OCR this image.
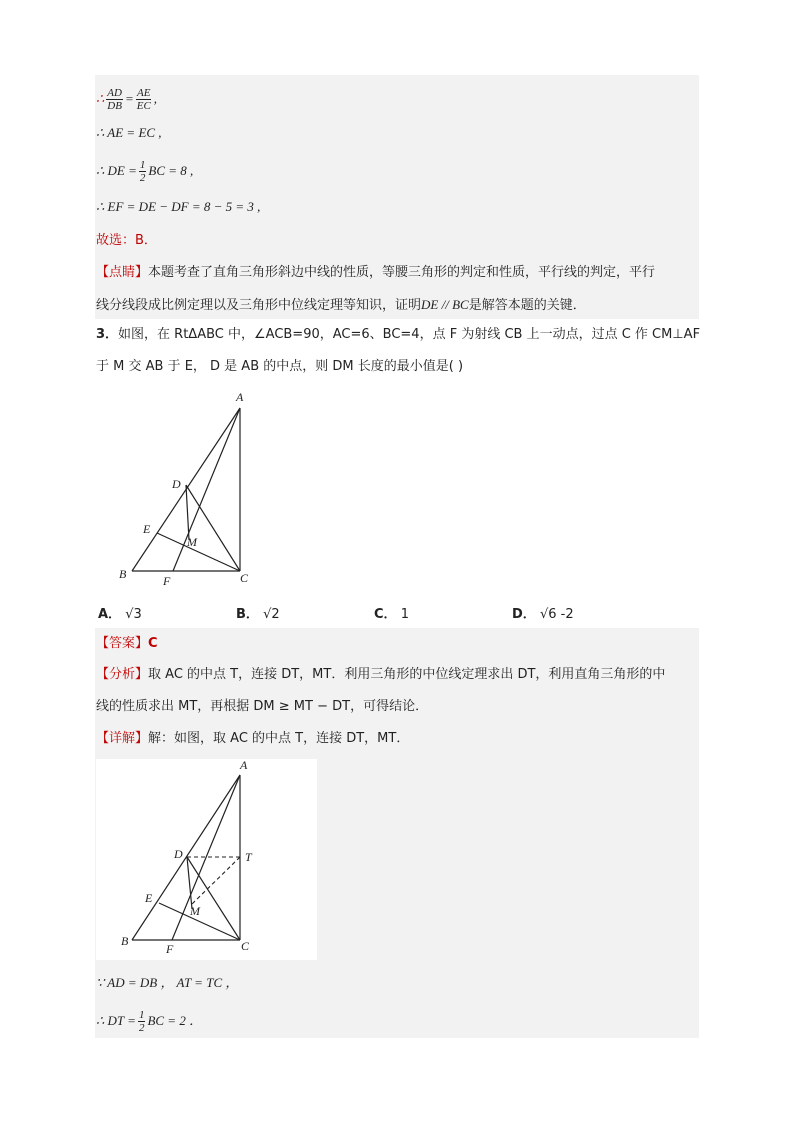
∴ $\frac{AD}{DB} = \frac{AE}{EC}$ ,
∴ AE = EC ,
∴ DE = $\frac{1}{2}$ BC = 8 ,
∴ EF = DE − DF = 8 − 5 = 3 ,
故选：B．
【点睛】本题考查了直角三角形斜边中线的性质，等腰三角形的判定和性质，平行线的判定，平行
线分线段成比例定理以及三角形中位线定理等知识，证明DE // BC是解答本题的关键．
3．如图，在 RtΔABC 中，∠ACB=90，AC=6、BC=4，点 F 为射线 CB 上一动点，过点 C 作 CM⊥AF
于 M 交 AB 于 E， D 是 AB 的中点，则 DM 长度的最小值是( )
A
D
E
M
B	F	C
A． √3	B． √2	C． 1	D． √6 -2
【答案】C
【分析】取 AC 的中点 T，连接 DT，MT．利用三角形的中位线定理求出 DT，利用直角三角形的中
线的性质求出 MT，再根据 DM ≥ MT − DT，可得结论．
【详解】解：如图，取 AC 的中点 T，连接 DT，MT．
A
D	T
E
M
B
F	C
∵ AD = DB ， AT = TC ，
∴ DT = $\frac{1}{2}$ BC = 2 ．
